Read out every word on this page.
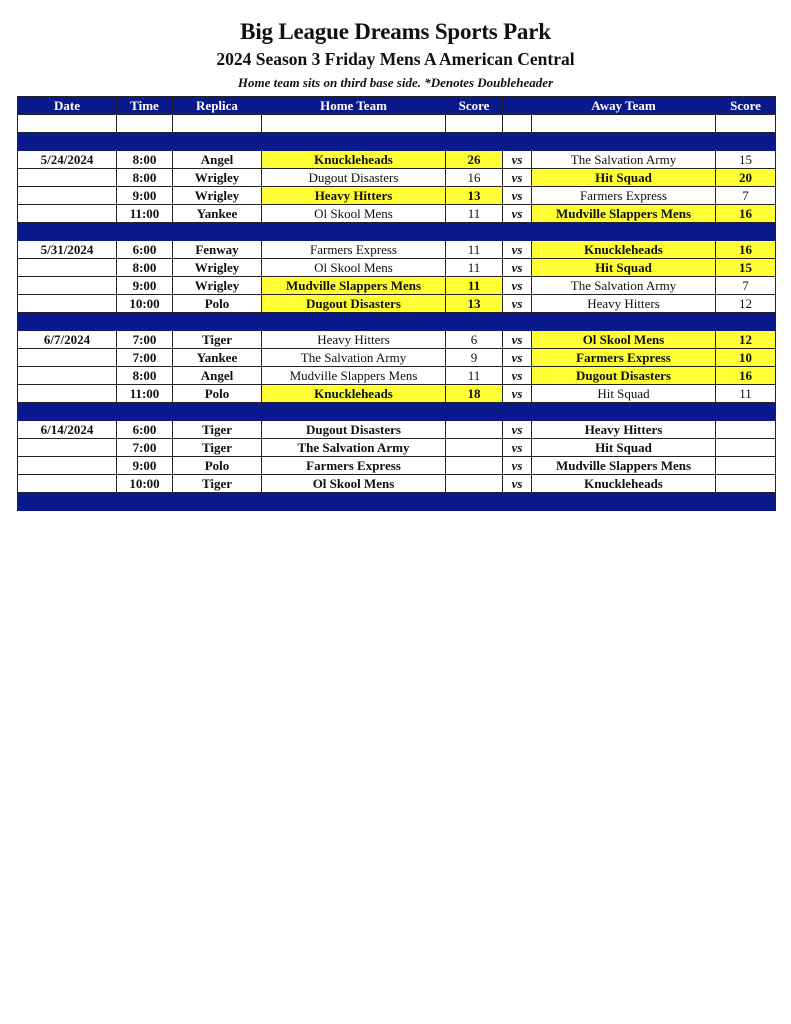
Big League Dreams Sports Park
2024 Season 3 Friday Mens A American Central
Home team sits on third base side. *Denotes Doubleheader
Date	Time	Replica	Home Team	Score		Away Team	Score

5/24/2024	8:00	Angel	Knuckleheads	26	vs	The Salvation Army	15
	8:00	Wrigley	Dugout Disasters	16	vs	Hit Squad	20
	9:00	Wrigley	Heavy Hitters	13	vs	Farmers Express	7
	11:00	Yankee	Ol Skool Mens	11	vs	Mudville Slappers Mens	16

5/31/2024	6:00	Fenway	Farmers Express	11	vs	Knuckleheads	16
	8:00	Wrigley	Ol Skool Mens	11	vs	Hit Squad	15
	9:00	Wrigley	Mudville Slappers Mens	11	vs	The Salvation Army	7
	10:00	Polo	Dugout Disasters	13	vs	Heavy Hitters	12

6/7/2024	7:00	Tiger	Heavy Hitters	6	vs	Ol Skool Mens	12
	7:00	Yankee	The Salvation Army	9	vs	Farmers Express	10
	8:00	Angel	Mudville Slappers Mens	11	vs	Dugout Disasters	16
	11:00	Polo	Knuckleheads	18	vs	Hit Squad	11

6/14/2024	6:00	Tiger	Dugout Disasters		vs	Heavy Hitters	
	7:00	Tiger	The Salvation Army		vs	Hit Squad	
	9:00	Polo	Farmers Express		vs	Mudville Slappers Mens	
	10:00	Tiger	Ol Skool Mens		vs	Knuckleheads	
